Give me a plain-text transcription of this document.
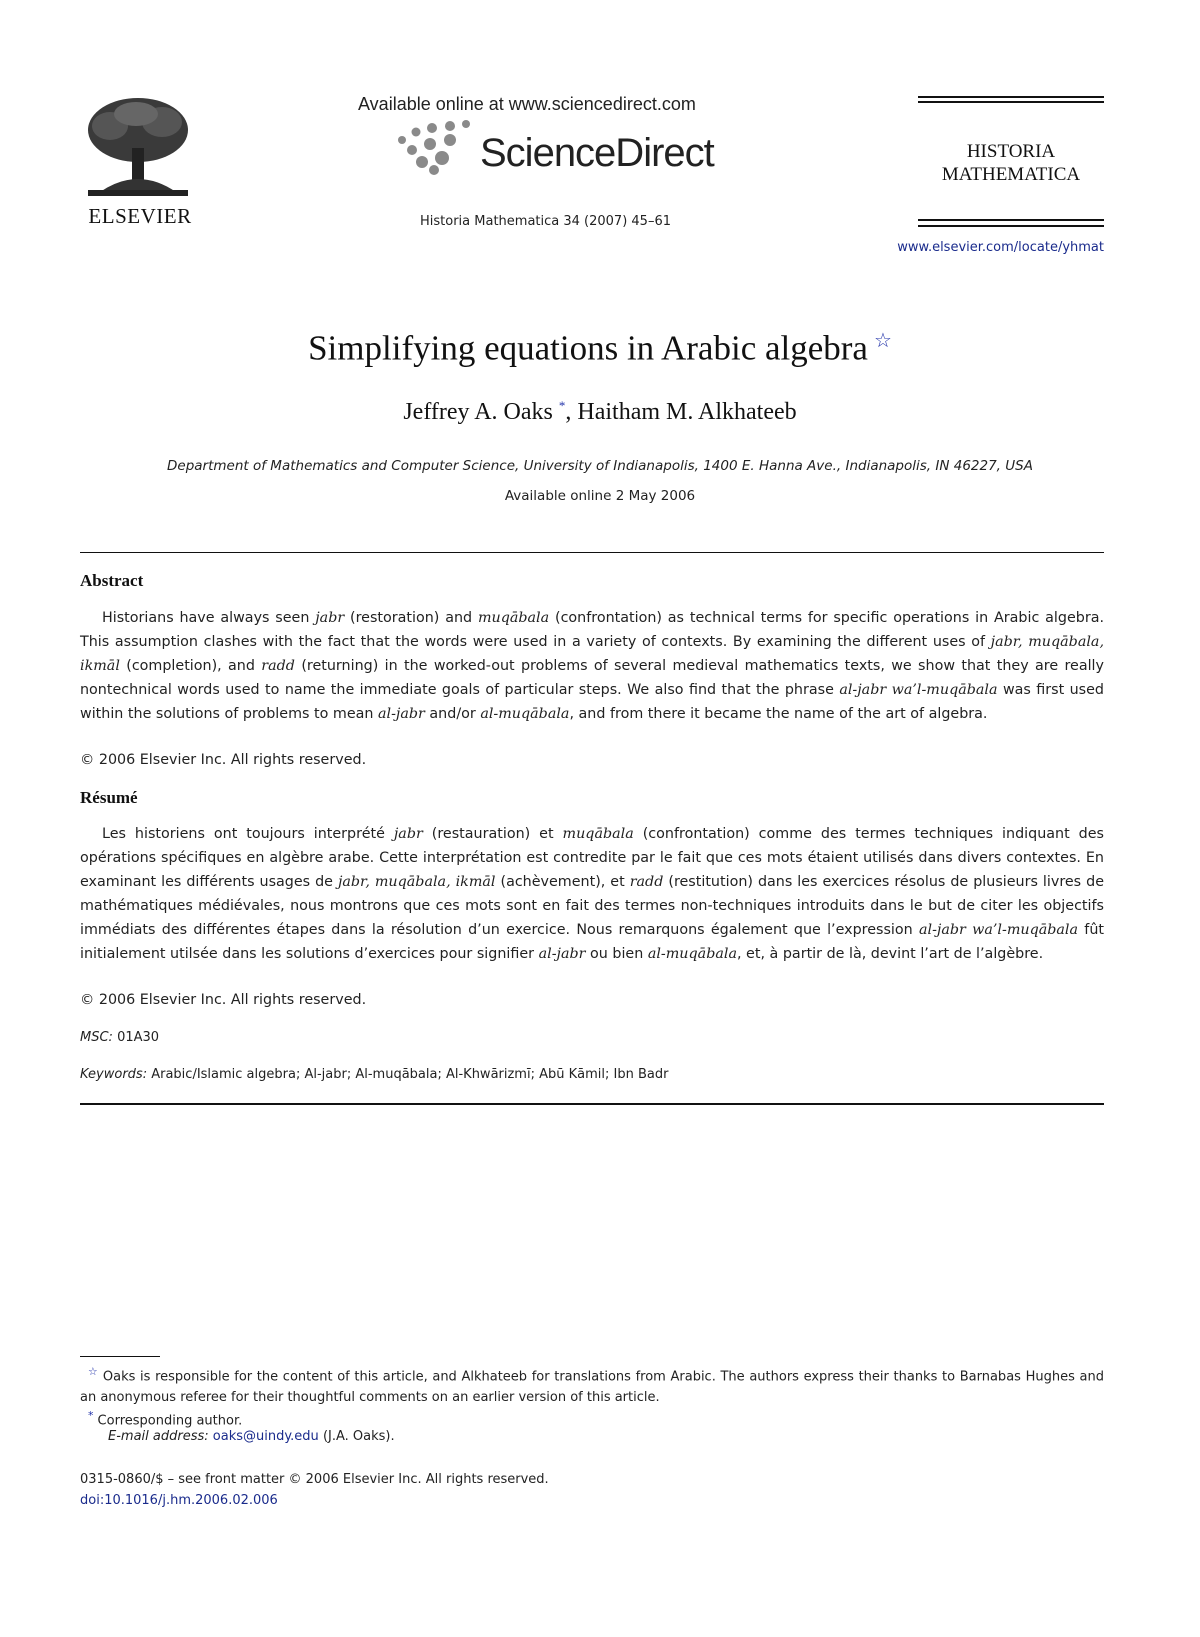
ELSEVIER
Available online at www.sciencedirect.com
ScienceDirect
Historia Mathematica 34 (2007) 45–61
HISTORIA
MATHEMATICA
www.elsevier.com/locate/yhmat
Simplifying equations in Arabic algebra ☆
Jeffrey A. Oaks *, Haitham M. Alkhateeb
Department of Mathematics and Computer Science, University of Indianapolis, 1400 E. Hanna Ave., Indianapolis, IN 46227, USA
Available online 2 May 2006
Abstract

Historians have always seen jabr (restoration) and muqābala (confrontation) as technical terms for specific operations in Arabic algebra. This assumption clashes with the fact that the words were used in a variety of contexts. By examining the different uses of jabr, muqābala, ikmāl (completion), and radd (returning) in the worked-out problems of several medieval mathematics texts, we show that they are really nontechnical words used to name the immediate goals of particular steps. We also find that the phrase al-jabr wa’l-muqābala was first used within the solutions of problems to mean al-jabr and/or al-muqābala, and from there it became the name of the art of algebra.

© 2006 Elsevier Inc. All rights reserved.
Résumé

Les historiens ont toujours interprété jabr (restauration) et muqābala (confrontation) comme des termes techniques indiquant des opérations spécifiques en algèbre arabe. Cette interprétation est contredite par le fait que ces mots étaient utilisés dans divers contextes. En examinant les différents usages de jabr, muqābala, ikmāl (achèvement), et radd (restitution) dans les exercices résolus de plusieurs livres de mathématiques médiévales, nous montrons que ces mots sont en fait des termes non-techniques introduits dans le but de citer les objectifs immédiats des différentes étapes dans la résolution d’un exercice. Nous remarquons également que l’expression al-jabr wa’l-muqābala fût initialement utilsée dans les solutions d’exercices pour signifier al-jabr ou bien al-muqābala, et, à partir de là, devint l’art de l’algèbre.

© 2006 Elsevier Inc. All rights reserved.
MSC: 01A30
Keywords: Arabic/Islamic algebra; Al-jabr; Al-muqābala; Al-Khwārizmī; Abū Kāmil; Ibn Badr

☆ Oaks is responsible for the content of this article, and Alkhateeb for translations from Arabic. The authors express their thanks to Barnabas Hughes and an anonymous referee for their thoughtful comments on an earlier version of this article.

* Corresponding author.

E-mail address: oaks@uindy.edu (J.A. Oaks).

0315-0860/$ – see front matter © 2006 Elsevier Inc. All rights reserved.
doi:10.1016/j.hm.2006.02.006
